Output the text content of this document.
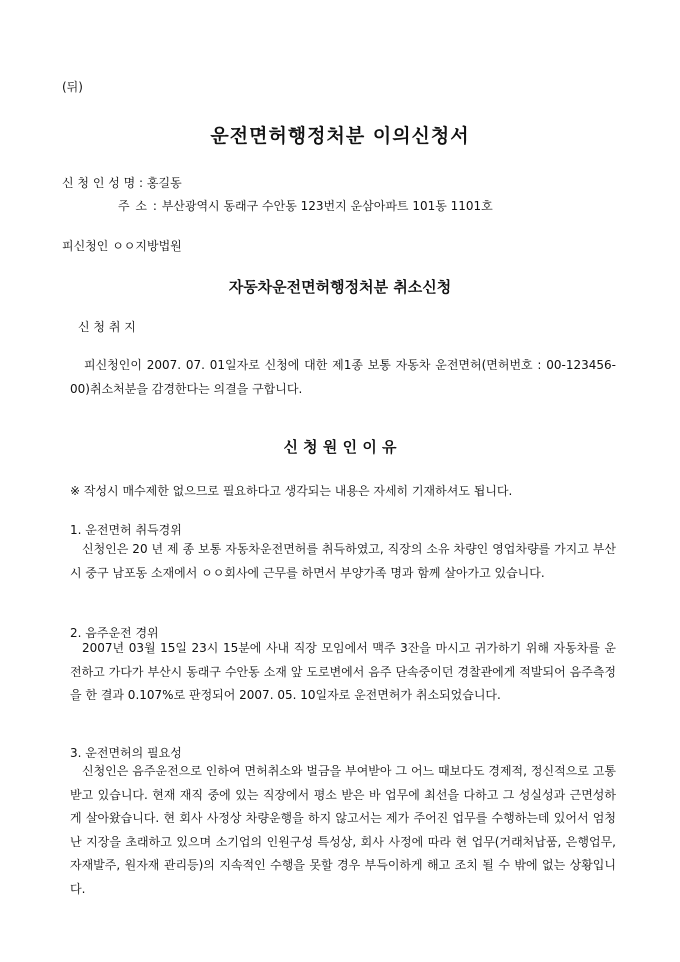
(뒤)
운전면허행정처분 이의신청서
신 청 인 성 명 : 홍길동
주 소 : 부산광역시 동래구 수안동 123번지 운삼아파트 101동 1101호
피신청인 ㅇㅇ지방법원
자동차운전면허행정처분 취소신청
신 청 취 지

피신청인이 2007. 07. 01일자로 신청에 대한 제1종 보통 자동차 운전면허(면허번호 : 00-123456-00)취소처분을 감경한다는 의결을 구합니다.

신 청 원 인 이 유
※ 작성시 매수제한 없으므로 필요하다고 생각되는 내용은 자세히 기재하셔도 됩니다.
1. 운전면허 취득경위

신청인은 20 년 제 종 보통 자동차운전면허를 취득하였고, 직장의 소유 차량인 영업차량를 가지고 부산시 중구 남포동 소재에서 ㅇㅇ회사에 근무를 하면서 부양가족 명과 함께 살아가고 있습니다.

2. 음주운전 경위

2007년 03월 15일 23시 15분에 사내 직장 모임에서 맥주 3잔을 마시고 귀가하기 위해 자동차를 운전하고 가다가 부산시 동래구 수안동 소재 앞 도로변에서 음주 단속중이던 경찰관에게 적발되어 음주측정을 한 결과 0.107%로 판정되어 2007. 05. 10일자로 운전면허가 취소되었습니다.

3. 운전면허의 필요성

신청인은 음주운전으로 인하여 면허취소와 벌금을 부여받아 그 어느 때보다도 경제적, 정신적으로 고통받고 있습니다. 현재 재직 중에 있는 직장에서 평소 받은 바 업무에 최선을 다하고 그 성실성과 근면성하게 살아왔습니다. 현 회사 사정상 차량운행을 하지 않고서는 제가 주어진 업무를 수행하는데 있어서 엄청난 지장을 초래하고 있으며 소기업의 인원구성 특성상, 회사 사정에 따라 현 업무(거래처납품, 은행업무, 자재발주, 원자재 관리등)의 지속적인 수행을 못할 경우 부득이하게 해고 조치 될 수 밖에 없는 상황입니다.
